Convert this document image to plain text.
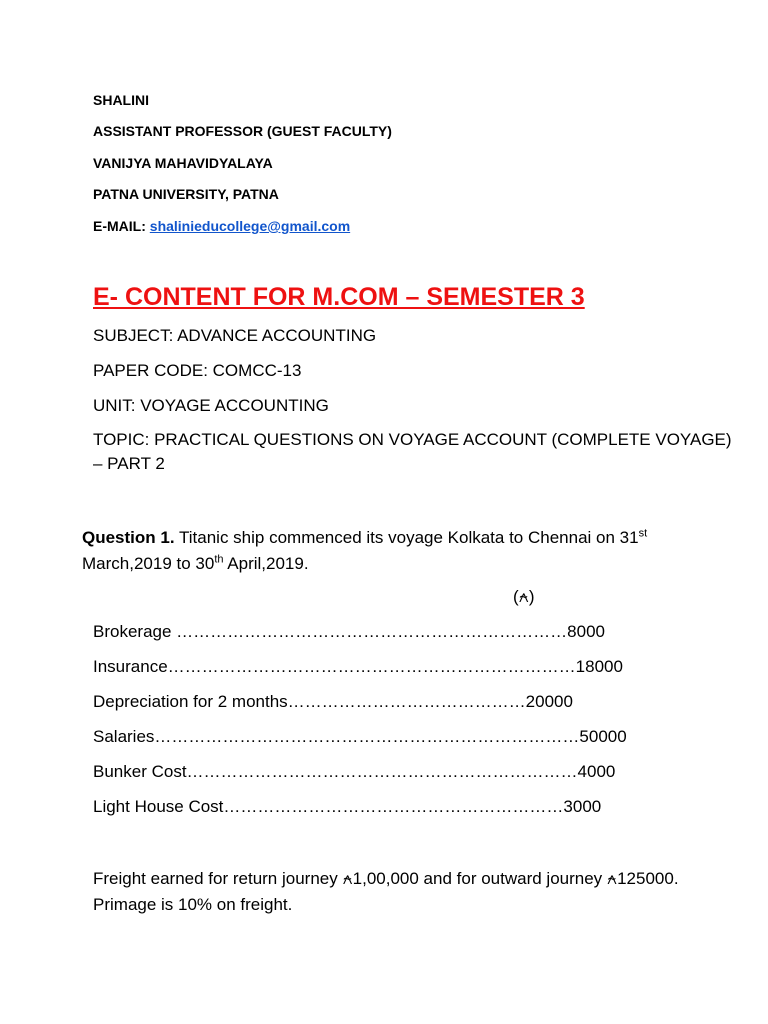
SHALINI
ASSISTANT PROFESSOR (GUEST FACULTY)
VANIJYA MAHAVIDYALAYA
PATNA UNIVERSITY, PATNA
E-MAIL: shalinieducollege@gmail.com
E- CONTENT FOR M.COM – SEMESTER 3
SUBJECT: ADVANCE ACCOUNTING
PAPER CODE: COMCC-13
UNIT: VOYAGE ACCOUNTING
TOPIC: PRACTICAL QUESTIONS ON VOYAGE ACCOUNT (COMPLETE VOYAGE) – PART 2
Question 1. Titanic ship commenced its voyage Kolkata to Chennai on 31st March,2019 to 30th April,2019.
(⍲)
Brokerage ……………………………………………………………8000
Insurance………………………………………………………………18000
Depreciation for 2 months……………………………………20000
Salaries…………………………………………………………………50000
Bunker Cost……………………………………………………………4000
Light House Cost……………………………………………………3000
Freight earned for return journey ⍲1,00,000 and for outward journey ⍲125000. Primage is 10% on freight.
